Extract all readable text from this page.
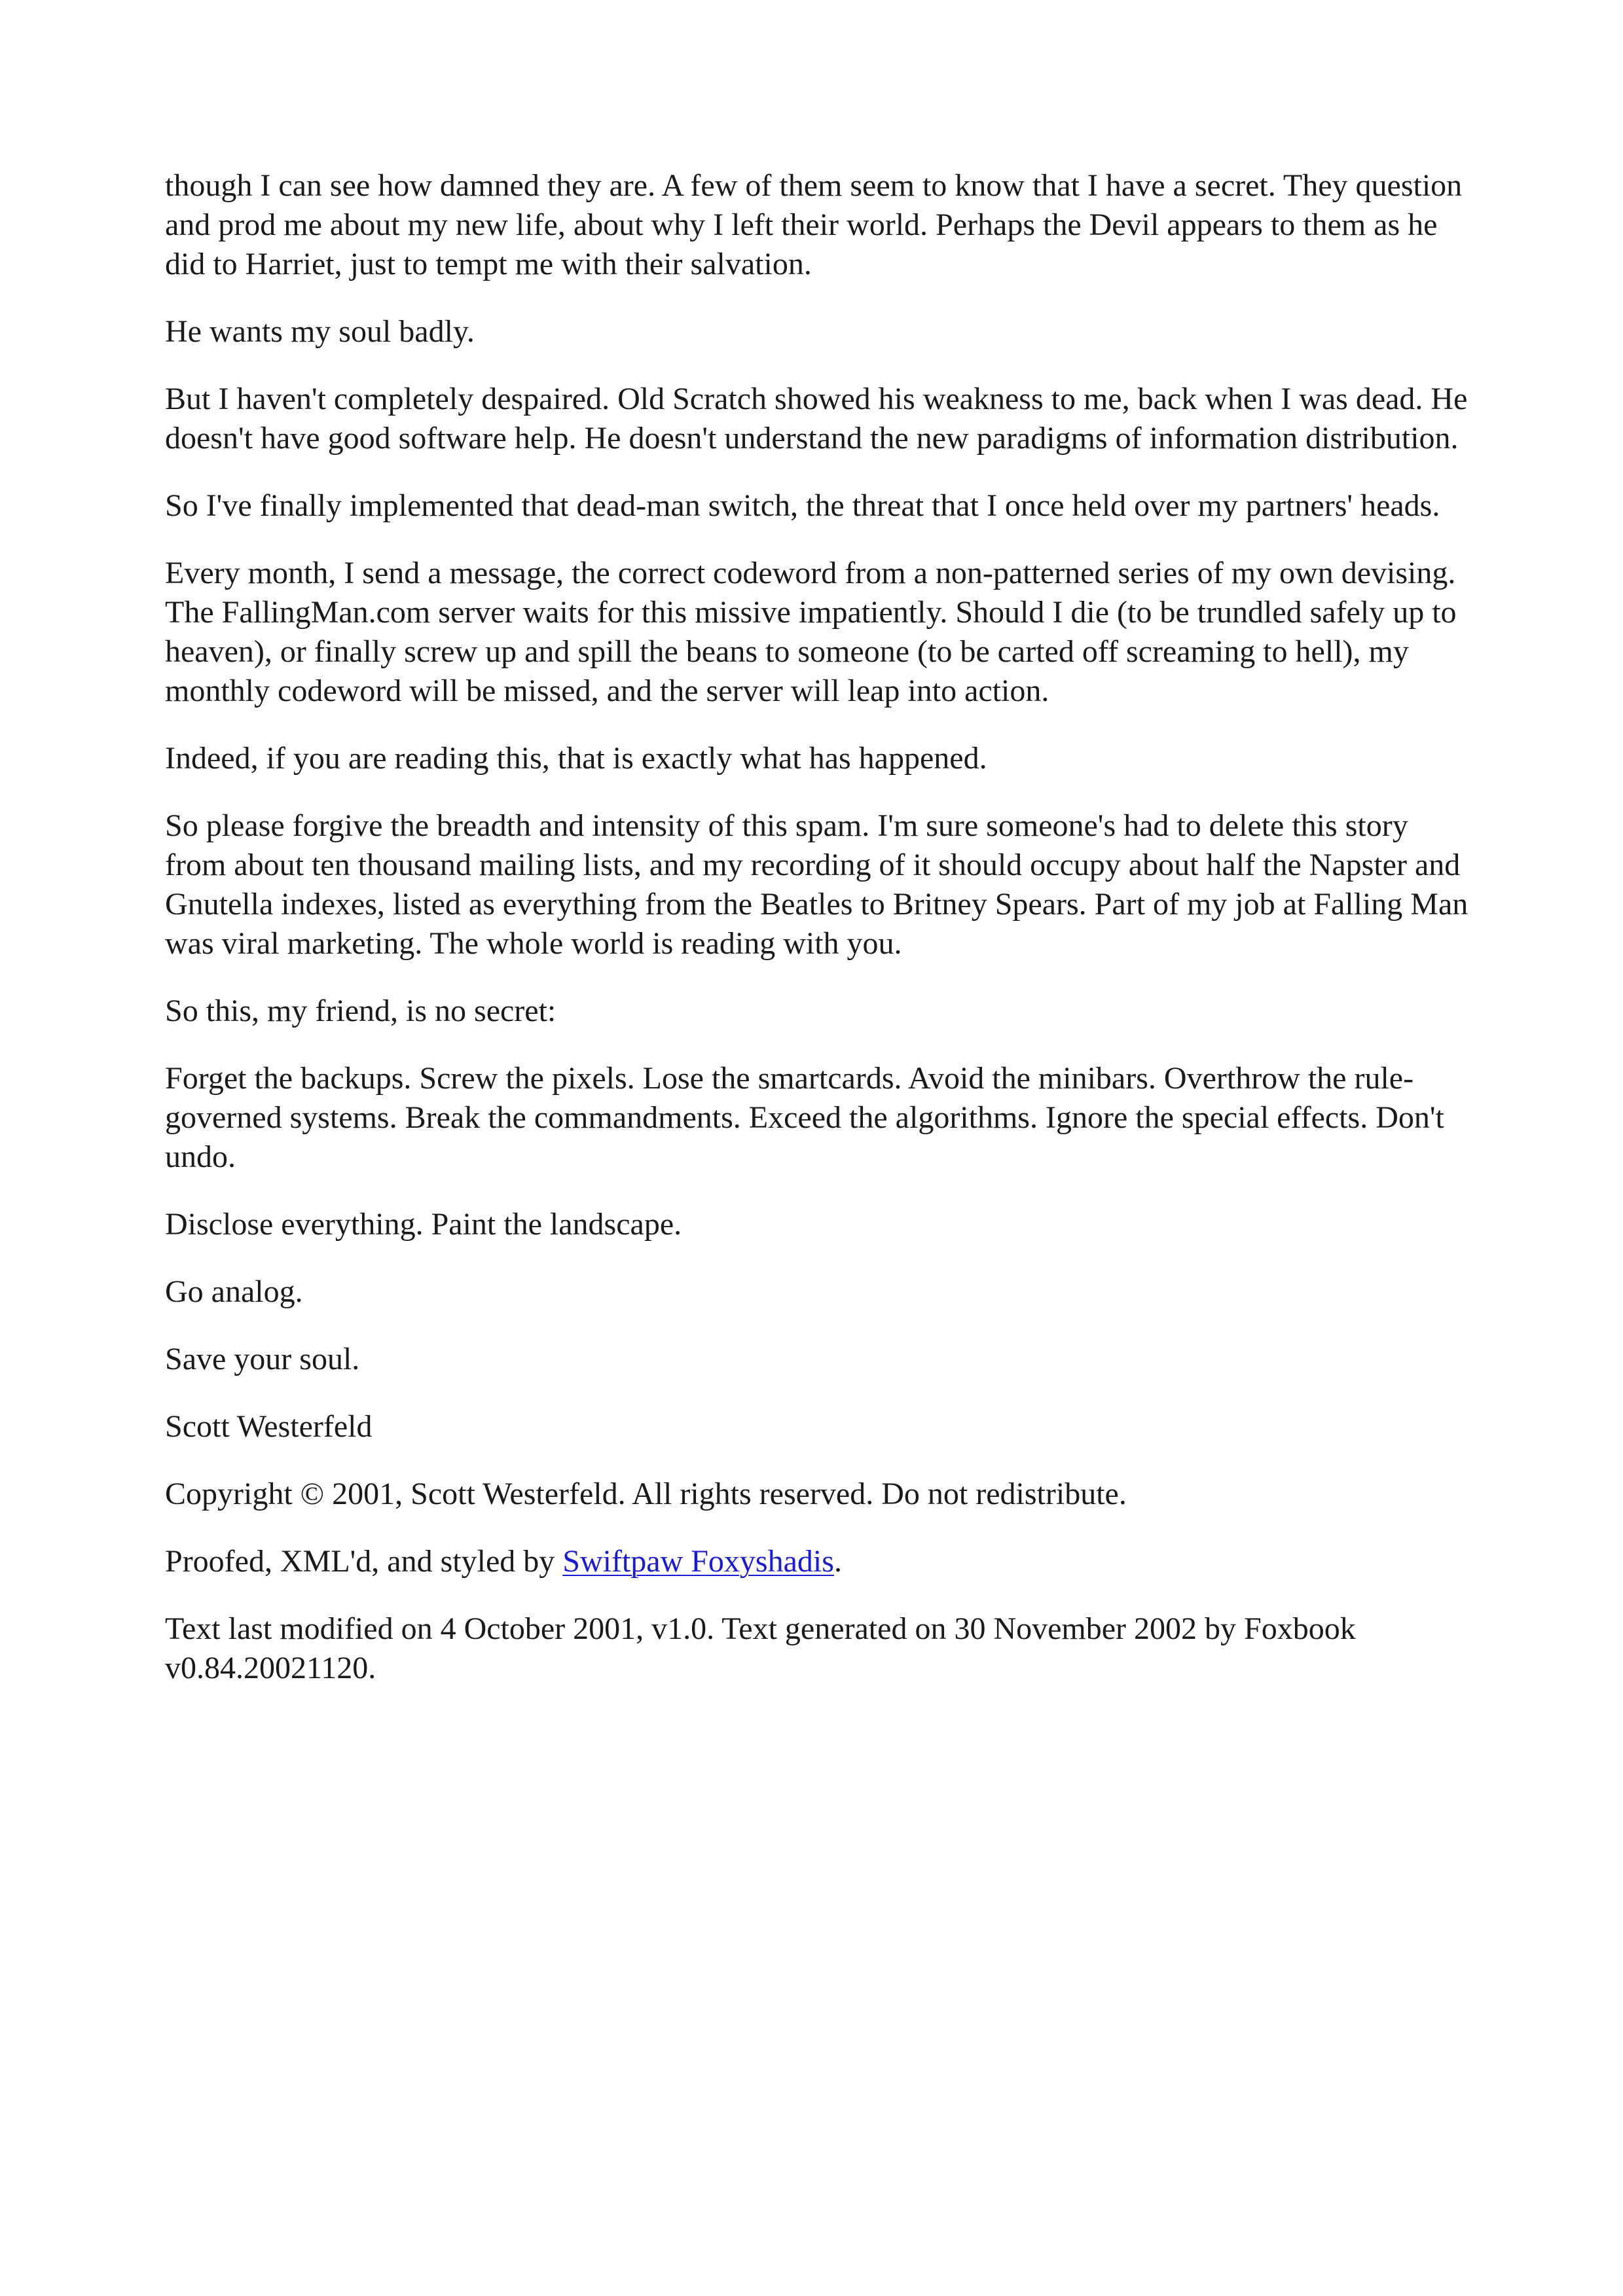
though I can see how damned they are. A few of them seem to know that I have a secret. They question and prod me about my new life, about why I left their world. Perhaps the Devil appears to them as he did to Harriet, just to tempt me with their salvation.

He wants my soul badly.

But I haven't completely despaired. Old Scratch showed his weakness to me, back when I was dead. He doesn't have good software help. He doesn't understand the new paradigms of information distribution.

So I've finally implemented that dead-man switch, the threat that I once held over my partners' heads.

Every month, I send a message, the correct codeword from a non-patterned series of my own devising. The FallingMan.com server waits for this missive impatiently. Should I die (to be trundled safely up to heaven), or finally screw up and spill the beans to someone (to be carted off screaming to hell), my monthly codeword will be missed, and the server will leap into action.

Indeed, if you are reading this, that is exactly what has happened.

So please forgive the breadth and intensity of this spam. I'm sure someone's had to delete this story from about ten thousand mailing lists, and my recording of it should occupy about half the Napster and Gnutella indexes, listed as everything from the Beatles to Britney Spears. Part of my job at Falling Man was viral marketing. The whole world is reading with you.

So this, my friend, is no secret:

Forget the backups. Screw the pixels. Lose the smartcards. Avoid the minibars. Overthrow the rule-governed systems. Break the commandments. Exceed the algorithms. Ignore the special effects. Don't undo.

Disclose everything. Paint the landscape.

Go analog.

Save your soul.

Scott Westerfeld

Copyright © 2001, Scott Westerfeld. All rights reserved. Do not redistribute.

Proofed, XML'd, and styled by Swiftpaw Foxyshadis.

Text last modified on 4 October 2001, v1.0. Text generated on 30 November 2002 by Foxbook v0.84.20021120.
